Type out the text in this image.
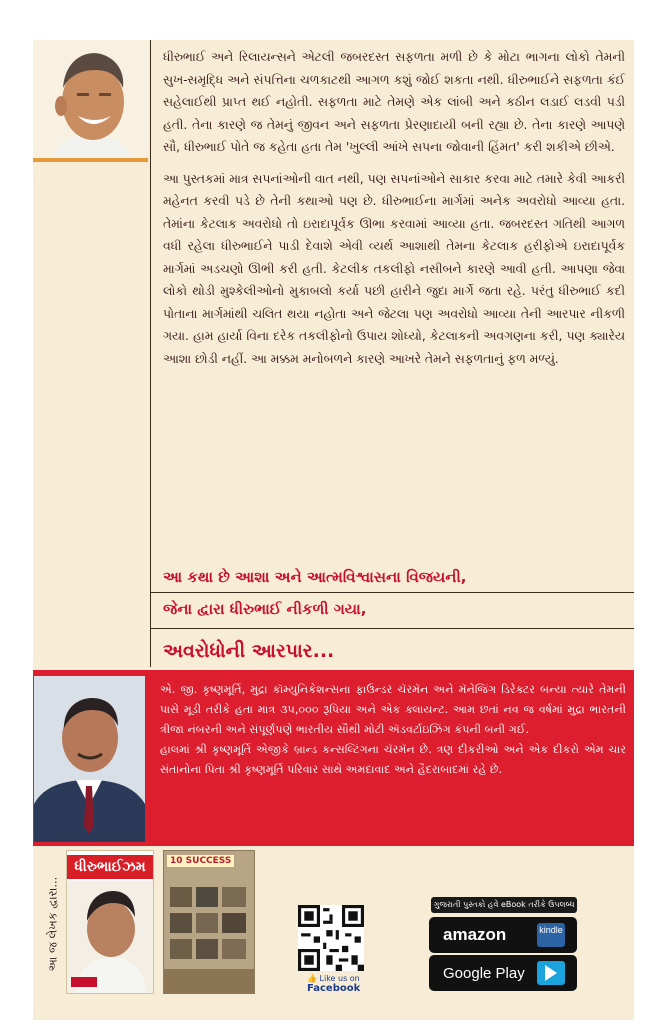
ધીરુભાઈ અને રિલાયન્સને એટલી જબરદસ્ત સફળતા મળી છે કે મોટા ભાગના લોકો તેમની સુખ-સમૃદ્ધિ અને સંપત્તિના ચળકાટથી આગળ કશું જોઈ શકતા નથી. ધીરુભાઈને સફળતા કંઈ સહેલાઈથી પ્રાપ્ત થઈ નહોતી. સફળતા માટે તેમણે એક લાંબી અને કઠીન લડાઈ લડવી પડી હતી. તેના કારણે જ તેમનું જીવન અને સફળતા પ્રેરણાદાયી બની રહ્યા છે. તેના કારણે આપણે સૌ, ધીરુભાઈ પોતે જ કહેતા હતા તેમ 'ખુલ્લી આંખે સપના જોવાની હિંમત' કરી શકીએ છીએ.

આ પુસ્તકમાં માત્ર સપનાંઓની વાત નથી, પણ સપનાંઓને સાકાર કરવા માટે તમારે કેવી આકરી મહેનત કરવી પડે છે તેની કથાઓ પણ છે. ધીરુભાઈના માર્ગમાં અનેક અવરોધો આવ્યા હતા. તેમાંના કેટલાક અવરોધો તો ઇરાદાપૂર્વક ઊભા કરવામાં આવ્યા હતા. જબરદસ્ત ગતિથી આગળ વધી રહેલા ધીરુભાઈને પાડી દેવાશે એવી વ્યર્થ આશાથી તેમના કેટલાક હરીફોએ ઇરાદાપૂર્વક માર્ગમાં અડચણો ઊભી કરી હતી. કેટલીક તકલીફો નસીબને કારણે આવી હતી. આપણા જેવા લોકો થોડી મુશ્કેલીઓનો મુકાબલો કર્યા પછી હારીને જુદા માર્ગે જતા રહે. પરંતુ ધીરુભાઈ કદી પોતાના માર્ગમાંથી ચલિત થયા નહોતા અને જેટલા પણ અવરોધો આવ્યા તેની આરપાર નીકળી ગયા. હામ હાર્યા વિના દરેક તકલીફોનો ઉપાય શોધ્યો, કેટલાકની અવગણના કરી, પણ ક્યારેય આશા છોડી નહીં. આ મક્કમ મનોબળને કારણે આખરે તેમને સફળતાનું ફળ મળ્યું.

આ કથા છે આશા અને આત્મવિશ્વાસના વિજયની,
જેના દ્વારા ધીરુભાઈ નીકળી ગયા,
અવરોધોની આરપાર...

એ. જી. કૃષ્ણમૂર્તિ, મુદ્રા કૉમ્યુનિકેશન્સના ફાઉન્ડર ચૅરમૅન અને મૅનેજિંગ ડિરેક્ટર બન્યા ત્યારે તેમની પાસે મૂડી તરીકે હતા માત્ર ૩૫,૦૦૦ રૂપિયા અને એક ક્લાયન્ટ. આમ છતાં નવ જ વર્ષમાં મુદ્રા ભારતની ત્રીજા નંબરની અને સંપૂર્ણપણે ભારતીય સૌથી મોટી ઍડવર્ટાઇઝિંગ કંપની બની ગઈ.

હાલમાં શ્રી કૃષ્ણમૂર્તિ એજીકે બ્રાન્ડ કન્સલ્ટિંગના ચૅરમૅન છે. ત્રણ દીકરીઓ અને એક દીકરો એમ ચાર સંતાનોના પિતા શ્રી કૃષ્ણમૂર્તિ પરિવાર સાથે અમદાવાદ અને હૈદરાબાદમાં રહે છે.

આ જ લેખક દ્વારા...
ધીરુભાઈઝમ	10 SUCCESS
👍 Like us on
Facebook
ગુજરાતી પુસ્તકો હવે eBook તરીકે ઉપલબ્ધ
amazon	kindle
Google Play
